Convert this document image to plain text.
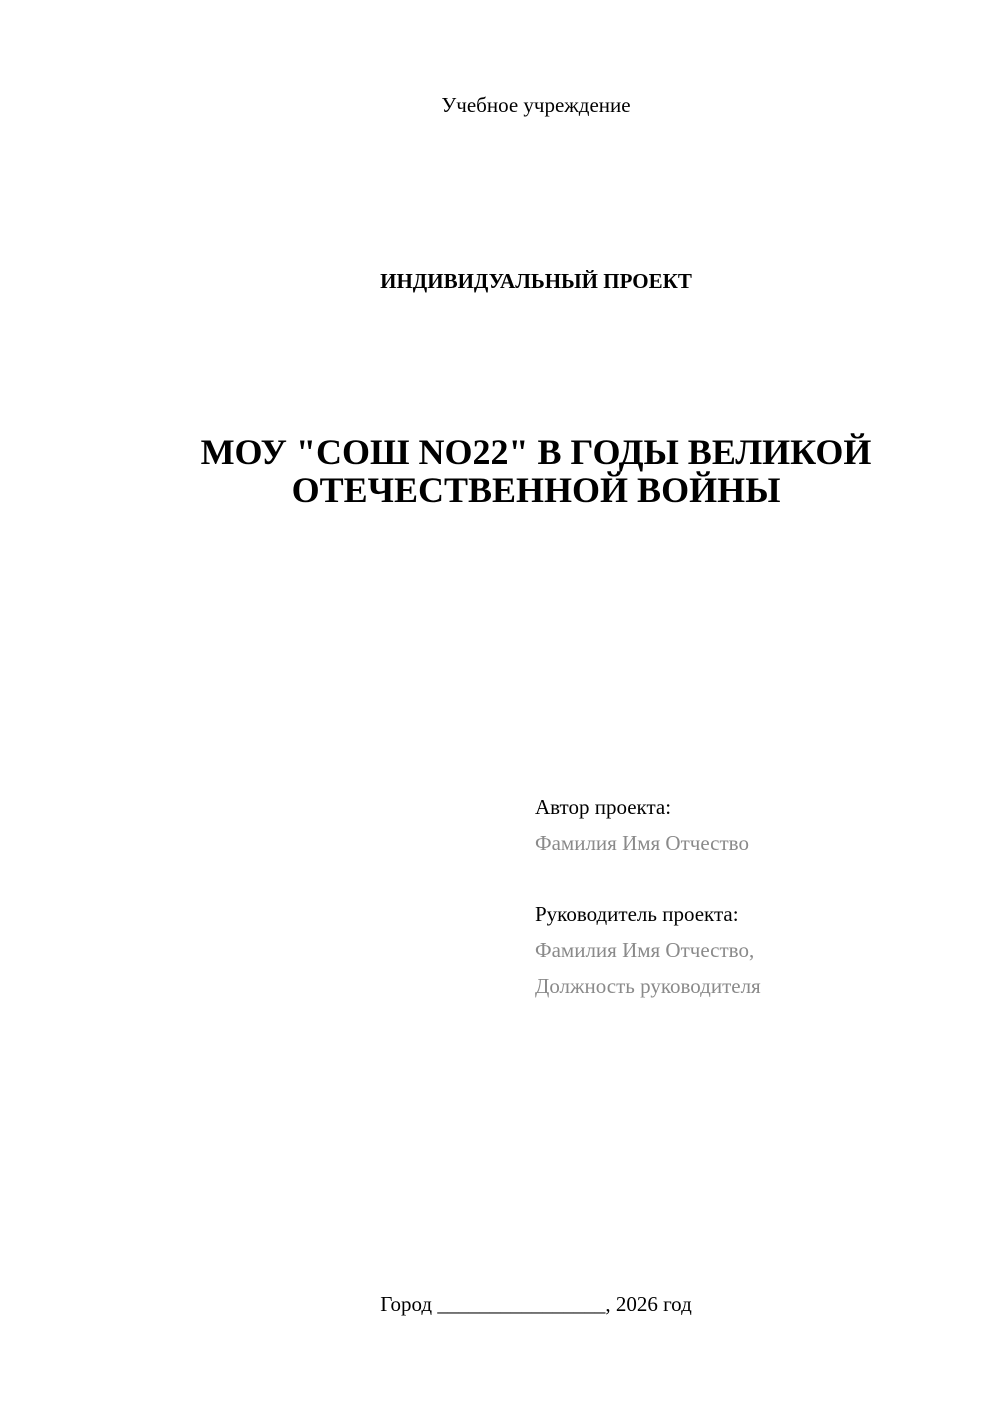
Учебное учреждение
ИНДИВИДУАЛЬНЫЙ ПРОЕКТ
МОУ "СОШ NO22" В ГОДЫ ВЕЛИКОЙ
ОТЕЧЕСТВЕННОЙ ВОЙНЫ
Автор проекта:
Фамилия Имя Отчество
Руководитель проекта:
Фамилия Имя Отчество,
Должность руководителя
Город ________________, 2026 год
